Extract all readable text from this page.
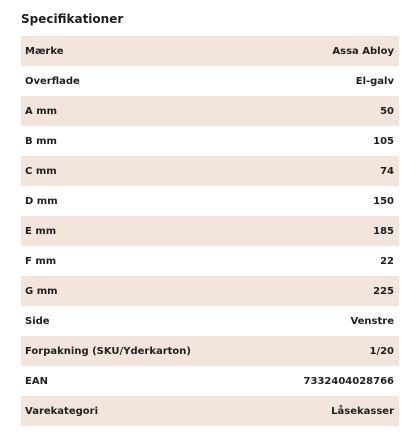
Specifikationer
Mærke	Assa Abloy
Overflade	El-galv
A mm	50
B mm	105
C mm	74
D mm	150
E mm	185
F mm	22
G mm	225
Side	Venstre
Forpakning (SKU/Yderkarton)	1/20
EAN	7332404028766
Varekategori	Låsekasser
